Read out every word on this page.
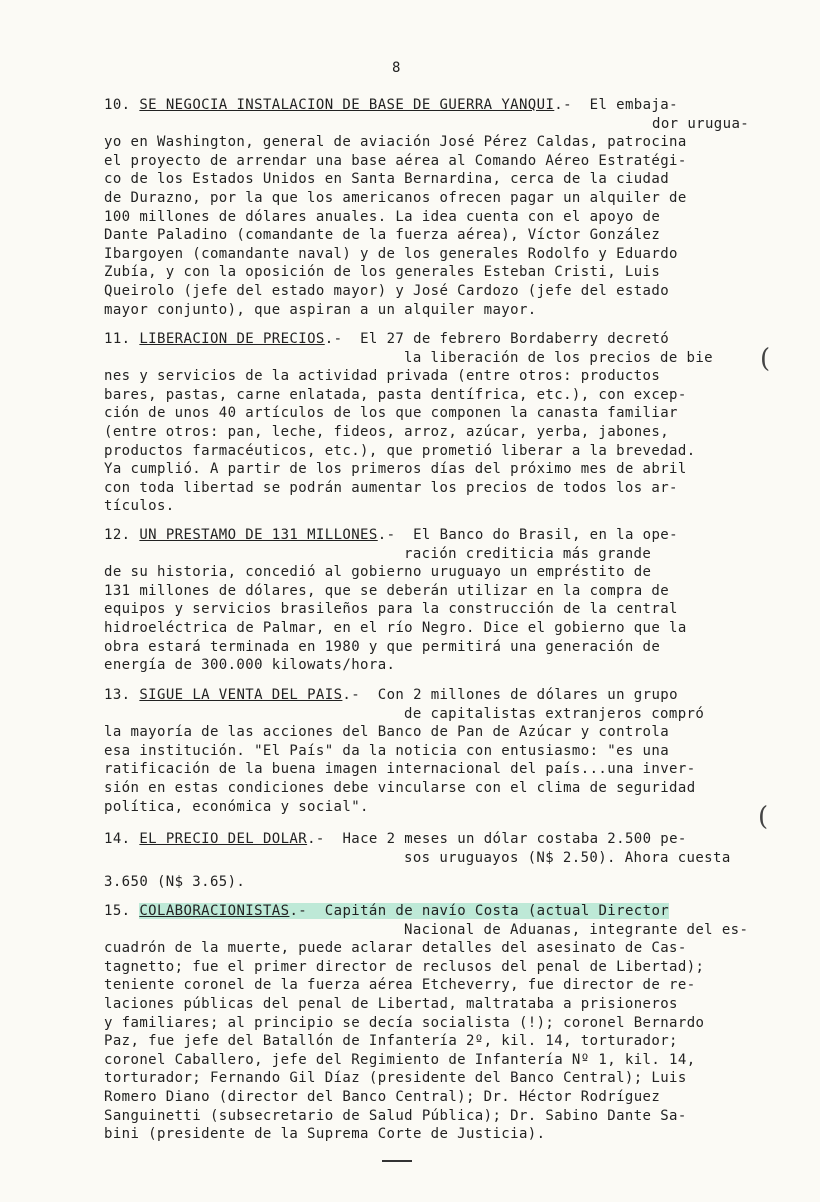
8
10. SE NEGOCIA INSTALACION DE BASE DE GUERRA YANQUI.- El embaja-
dor urugua-
yo en Washington, general de aviación José Pérez Caldas, patrocina
el proyecto de arrendar una base aérea al Comando Aéreo Estratégi-
co de los Estados Unidos en Santa Bernardina, cerca de la ciudad
de Durazno, por la que los americanos ofrecen pagar un alquiler de
100 millones de dólares anuales. La idea cuenta con el apoyo de
Dante Paladino (comandante de la fuerza aérea), Víctor González
Ibargoyen (comandante naval) y de los generales Rodolfo y Eduardo
Zubía, y con la oposición de los generales Esteban Cristi, Luis
Queirolo (jefe del estado mayor) y José Cardozo (jefe del estado
mayor conjunto), que aspiran a un alquiler mayor.
11. LIBERACION DE PRECIOS.- El 27 de febrero Bordaberry decretó
la liberación de los precios de bie
nes y servicios de la actividad privada (entre otros: productos
bares, pastas, carne enlatada, pasta dentífrica, etc.), con excep-
ción de unos 40 artículos de los que componen la canasta familiar
(entre otros: pan, leche, fideos, arroz, azúcar, yerba, jabones,
productos farmacéuticos, etc.), que prometió liberar a la brevedad.
Ya cumplió. A partir de los primeros días del próximo mes de abril
con toda libertad se podrán aumentar los precios de todos los ar-
tículos.
(
12. UN PRESTAMO DE 131 MILLONES.- El Banco do Brasil, en la ope-
ración crediticia más grande
de su historia, concedió al gobierno uruguayo un empréstito de
131 millones de dólares, que se deberán utilizar en la compra de
equipos y servicios brasileños para la construcción de la central
hidroeléctrica de Palmar, en el río Negro. Dice el gobierno que la
obra estará terminada en 1980 y que permitirá una generación de
energía de 300.000 kilowats/hora.
13. SIGUE LA VENTA DEL PAIS.- Con 2 millones de dólares un grupo
de capitalistas extranjeros compró
la mayoría de las acciones del Banco de Pan de Azúcar y controla
esa institución. "El País" da la noticia con entusiasmo: "es una
ratificación de la buena imagen internacional del país...una inver-
sión en estas condiciones debe vincularse con el clima de seguridad
política, económica y social".	(
14. EL PRECIO DEL DOLAR.- Hace 2 meses un dólar costaba 2.500 pe-
sos uruguayos (N$ 2.50). Ahora cuesta
3.650 (N$ 3.65).
15. COLABORACIONISTAS.- Capitán de navío Costa (actual Director
Nacional de Aduanas, integrante del es-
cuadrón de la muerte, puede aclarar detalles del asesinato de Cas-
tagnetto; fue el primer director de reclusos del penal de Libertad);
teniente coronel de la fuerza aérea Etcheverry, fue director de re-
laciones públicas del penal de Libertad, maltrataba a prisioneros
y familiares; al principio se decía socialista (!); coronel Bernardo
Paz, fue jefe del Batallón de Infantería 2º, kil. 14, torturador;
coronel Caballero, jefe del Regimiento de Infantería Nº 1, kil. 14,
torturador; Fernando Gil Díaz (presidente del Banco Central); Luis
Romero Diano (director del Banco Central); Dr. Héctor Rodríguez
Sanguinetti (subsecretario de Salud Pública); Dr. Sabino Dante Sa-
bini (presidente de la Suprema Corte de Justicia).
